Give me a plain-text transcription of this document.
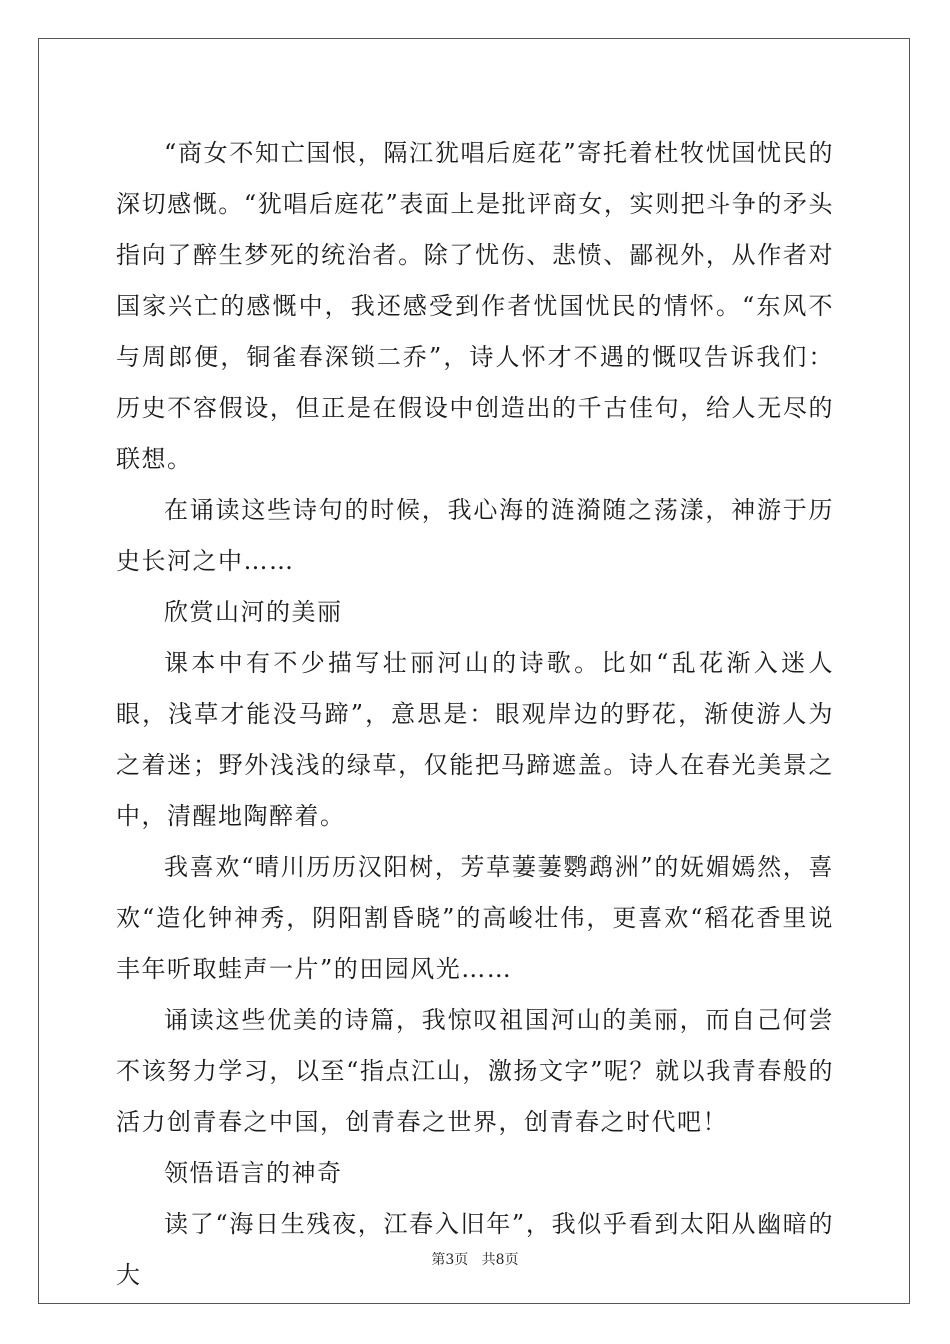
“商女不知亡国恨，隔江犹唱后庭花”寄托着杜牧忧国忧民的深切感慨。“犹唱后庭花”表面上是批评商女，实则把斗争的矛头指向了醉生梦死的统治者。除了忧伤、悲愤、鄙视外，从作者对国家兴亡的感慨中，我还感受到作者忧国忧民的情怀。“东风不与周郎便，铜雀春深锁二乔”，诗人怀才不遇的慨叹告诉我们：历史不容假设，但正是在假设中创造出的千古佳句，给人无尽的联想。

在诵读这些诗句的时候，我心海的涟漪随之荡漾，神游于历史长河之中……

欣赏山河的美丽

课本中有不少描写壮丽河山的诗歌。比如“乱花渐入迷人眼，浅草才能没马蹄”，意思是：眼观岸边的野花，渐使游人为之着迷；野外浅浅的绿草，仅能把马蹄遮盖。诗人在春光美景之中，清醒地陶醉着。

我喜欢“晴川历历汉阳树，芳草萋萋鹦鹉洲”的妩媚嫣然，喜欢“造化钟神秀，阴阳割昏晓”的高峻壮伟，更喜欢“稻花香里说丰年听取蛙声一片”的田园风光……

诵读这些优美的诗篇，我惊叹祖国河山的美丽，而自己何尝不该努力学习，以至“指点江山，激扬文字”呢？就以我青春般的活力创青春之中国，创青春之世界，创青春之时代吧！

领悟语言的神奇

读了“海日生残夜，江春入旧年”，我似乎看到太阳从幽暗的大

第3页 共8页
